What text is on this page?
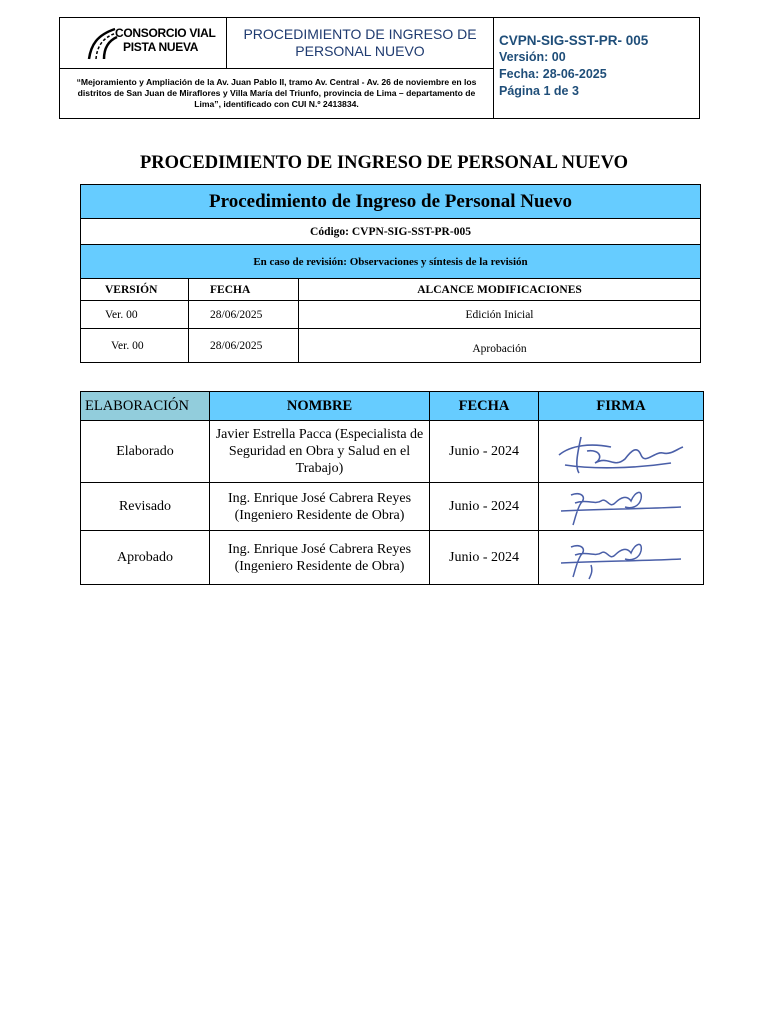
CONSORCIO VIAL
PISTA NUEVA
PROCEDIMIENTO DE INGRESO DE PERSONAL NUEVO
“Mejoramiento y Ampliación de la Av. Juan Pablo II, tramo Av. Central - Av. 26 de noviembre en los distritos de San Juan de Miraflores y Villa María del Triunfo, provincia de Lima – departamento de Lima”, identificado con CUI N.º 2413834.
CVPN-SIG-SST-PR- 005
Versión: 00
Fecha: 28-06-2025
Página 1 de 3
PROCEDIMIENTO DE INGRESO DE PERSONAL NUEVO
Procedimiento de Ingreso de Personal Nuevo		
Código: CVPN-SIG-SST-PR-005		
En caso de revisión: Observaciones y síntesis de la revisión		
VERSIÓN	FECHA	ALCANCE MODIFICACIONES
Ver. 00	28/06/2025	Edición Inicial
Ver. 00	28/06/2025	Aprobación
ELABORACIÓN	NOMBRE	FECHA	FIRMA
Elaborado	Javier Estrella Pacca (Especialista de Seguridad en Obra y Salud en el Trabajo)	Junio - 2024	

Revisado	Ing. Enrique José Cabrera Reyes (Ingeniero Residente de Obra)	Junio - 2024	

Aprobado	Ing. Enrique José Cabrera Reyes (Ingeniero Residente de Obra)	Junio - 2024	
